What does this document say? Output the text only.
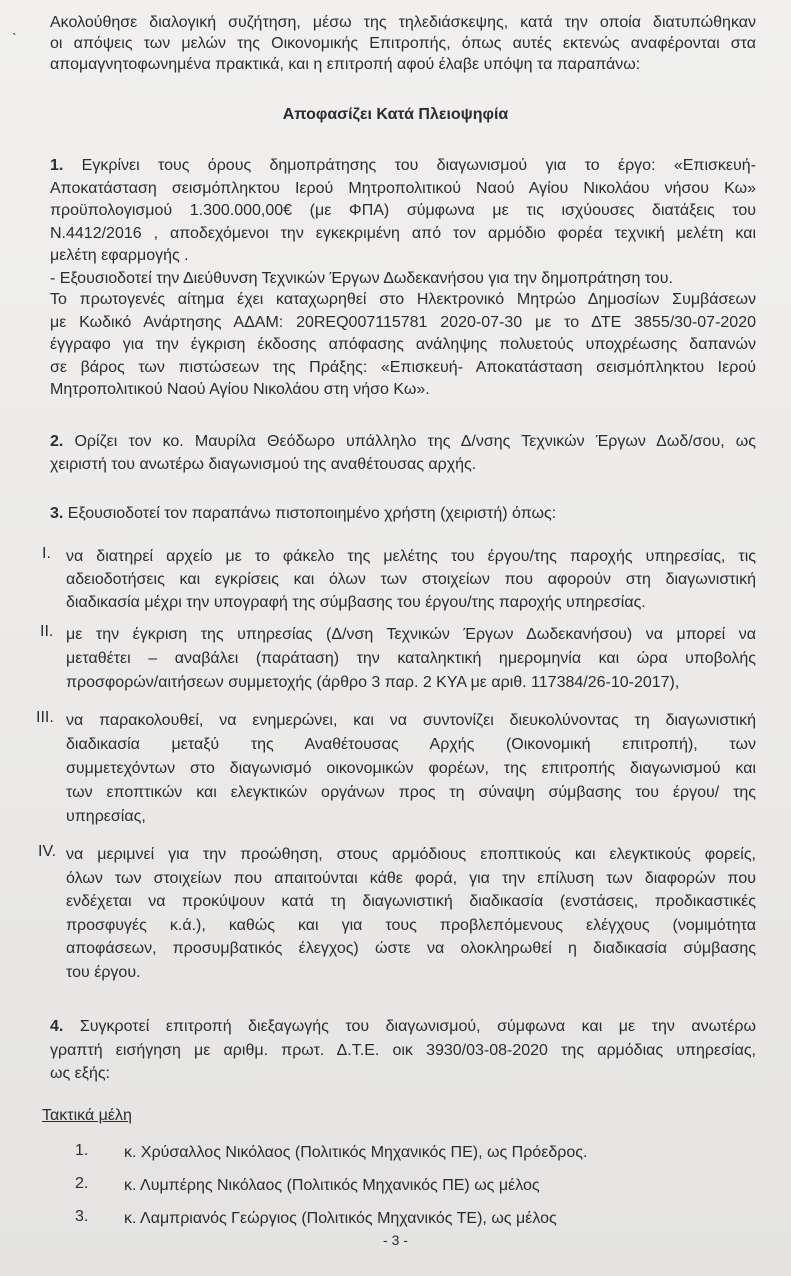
ˋ
Ακολούθησε διαλογική συζήτηση, μέσω της τηλεδιάσκεψης, κατά την οποία διατυπώθηκαν
οι απόψεις των μελών της Οικονομικής Επιτροπής, όπως αυτές εκτενώς αναφέρονται στα
απομαγνητοφωνημένα πρακτικά, και η επιτροπή αφού έλαβε υπόψη τα παραπάνω:
Αποφασίζει Κατά Πλειοψηφία
1. Εγκρίνει τους όρους δημοπράτησης του διαγωνισμού για το έργο: «Επισκευή-
Αποκατάσταση σεισμόπληκτου Ιερού Μητροπολιτικού Ναού Αγίου Νικολάου νήσου Κω»
προϋπολογισμού 1.300.000,00€ (με ΦΠΑ) σύμφωνα με τις ισχύουσες διατάξεις του
Ν.4412/2016 , αποδεχόμενοι την εγκεκριμένη από τον αρμόδιο φορέα τεχνική μελέτη και
μελέτη εφαρμογής .
- Εξουσιοδοτεί την Διεύθυνση Τεχνικών Έργων Δωδεκανήσου για την δημοπράτηση του.
Το πρωτογενές αίτημα έχει καταχωρηθεί στο Ηλεκτρονικό Μητρώο Δημοσίων Συμβάσεων
με Κωδικό Ανάρτησης ΑΔΑΜ: 20REQ007115781 2020-07-30 με το ΔΤΕ 3855/30-07-2020
έγγραφο για την έγκριση έκδοσης απόφασης ανάληψης πολυετούς υποχρέωσης δαπανών
σε βάρος των πιστώσεων της Πράξης: «Επισκευή- Αποκατάσταση σεισμόπληκτου Ιερού
Μητροπολιτικού Ναού Αγίου Νικολάου στη νήσο Κω».
2. Ορίζει τον κο. Μαυρίλα Θεόδωρο υπάλληλο της Δ/νσης Τεχνικών Έργων Δωδ/σου, ως
χειριστή του ανωτέρω διαγωνισμού της αναθέτουσας αρχής.
3. Εξουσιοδοτεί τον παραπάνω πιστοποιημένο χρήστη (χειριστή) όπως:
I. να διατηρεί αρχείο με το φάκελο της μελέτης του έργου/της παροχής υπηρεσίας, τις
αδειοδοτήσεις και εγκρίσεις και όλων των στοιχείων που αφορούν στη διαγωνιστική
διαδικασία μέχρι την υπογραφή της σύμβασης του έργου/της παροχής υπηρεσίας.
II. με την έγκριση της υπηρεσίας (Δ/νση Τεχνικών Έργων Δωδεκανήσου) να μπορεί να
μεταθέτει – αναβάλει (παράταση) την καταληκτική ημερομηνία και ώρα υποβολής
προσφορών/αιτήσεων συμμετοχής (άρθρο 3 παρ. 2 ΚΥΑ με αριθ. 117384/26-10-2017),
III. να παρακολουθεί, να ενημερώνει, και να συντονίζει διευκολύνοντας τη διαγωνιστική
διαδικασία μεταξύ της Αναθέτουσας Αρχής (Οικονομική επιτροπή), των
συμμετεχόντων στο διαγωνισμό οικονομικών φορέων, της επιτροπής διαγωνισμού και
των εποπτικών και ελεγκτικών οργάνων προς τη σύναψη σύμβασης του έργου/ της
υπηρεσίας,
IV. να μεριμνεί για την προώθηση, στους αρμόδιους εποπτικούς και ελεγκτικούς φορείς,
όλων των στοιχείων που απαιτούνται κάθε φορά, για την επίλυση των διαφορών που
ενδέχεται να προκύψουν κατά τη διαγωνιστική διαδικασία (ενστάσεις, προδικαστικές
προσφυγές κ.ά.), καθώς και για τους προβλεπόμενους ελέγχους (νομιμότητα
αποφάσεων, προσυμβατικός έλεγχος) ώστε να ολοκληρωθεί η διαδικασία σύμβασης
του έργου.
4. Συγκροτεί επιτροπή διεξαγωγής του διαγωνισμού, σύμφωνα και με την ανωτέρω
γραπτή εισήγηση με αριθμ. πρωτ. Δ.Τ.Ε. οικ 3930/03-08-2020 της αρμόδιας υπηρεσίας,
ως εξής:
Τακτικά μέλη
1. κ. Χρύσαλλος Νικόλαος (Πολιτικός Μηχανικός ΠΕ), ως Πρόεδρος.
2. κ. Λυμπέρης Νικόλαος (Πολιτικός Μηχανικός ΠΕ) ως μέλος
3. κ. Λαμπριανός Γεώργιος (Πολιτικός Μηχανικός ΤΕ), ως μέλος
- 3 -
